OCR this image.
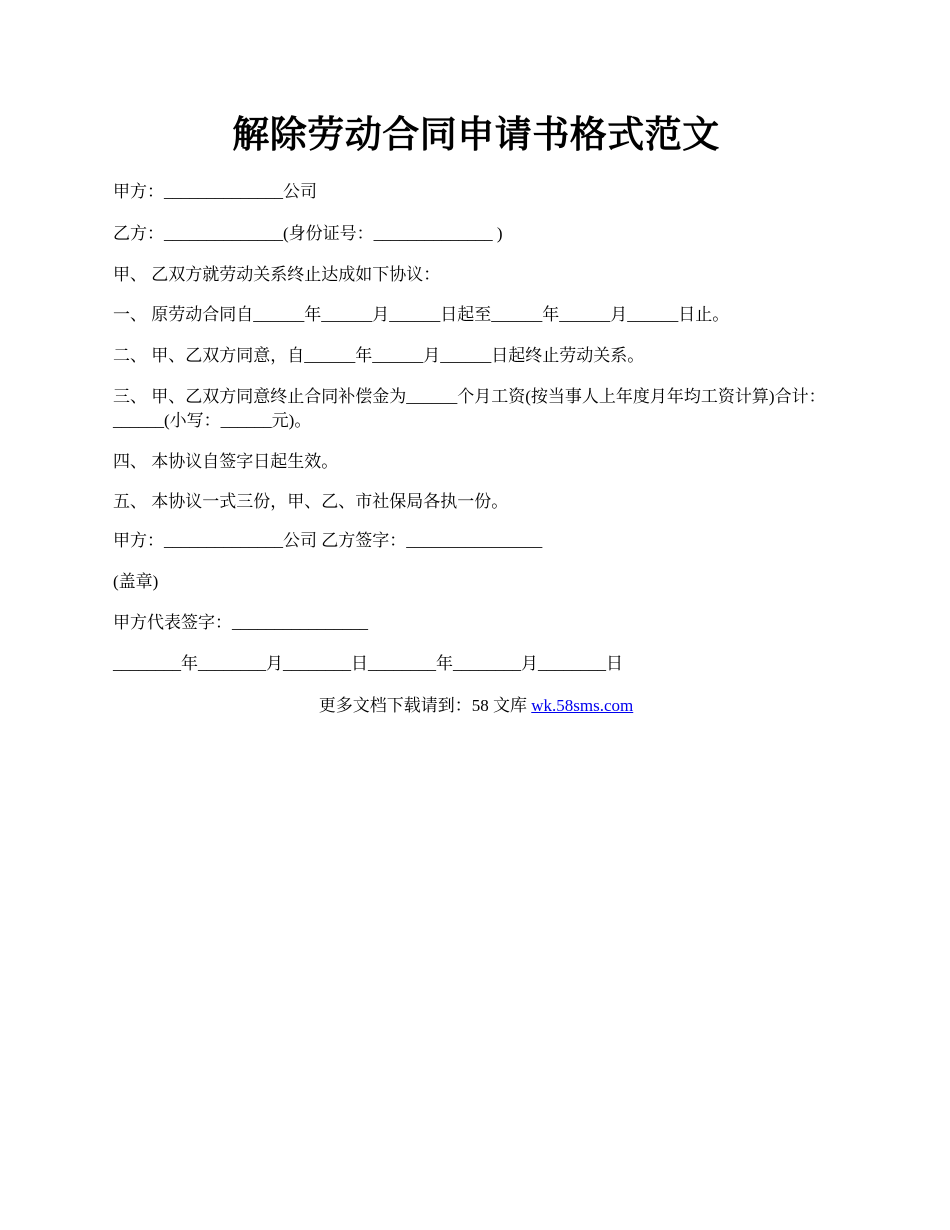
解除劳动合同申请书格式范文

甲方：______________公司

乙方：______________(身份证号：______________ )

甲、 乙双方就劳动关系终止达成如下协议：

一、 原劳动合同自______年______月______日起至______年______月______日止。

二、 甲、乙双方同意，自______年______月______日起终止劳动关系。

三、 甲、乙双方同意终止合同补偿金为______个月工资(按当事人上年度月年均工资计算)合计：______(小写：______元)。

四、 本协议自签字日起生效。

五、 本协议一式三份，甲、乙、市社保局各执一份。

甲方：______________公司 乙方签字：________________

(盖章)

甲方代表签字：________________

________年________月________日________年________月________日

更多文档下载请到：58 文库 wk.58sms.com
